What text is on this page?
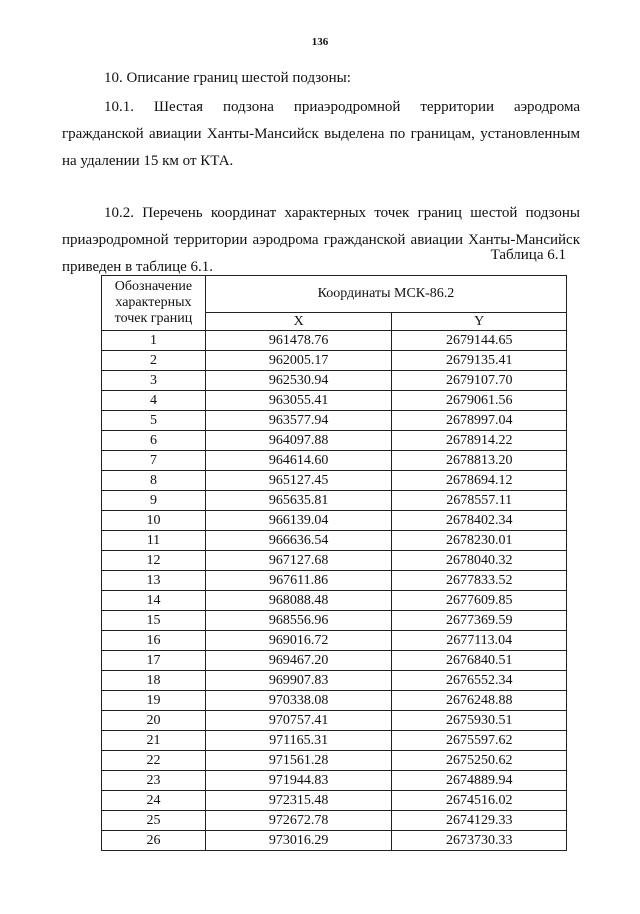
136
10. Описание границ шестой подзоны:

10.1. Шестая подзона приаэродромной территории аэродрома гражданской авиации Ханты-Мансийск выделена по границам, установленным на удалении 15 км от КТА.

10.2. Перечень координат характерных точек границ шестой подзоны приаэродромной территории аэродрома гражданской авиации Ханты-Мансийск приведен в таблице 6.1.

Таблица 6.1
Обозначение характерных точек границ	Координаты МСК-86.2	
	X	Y
1	961478.76	2679144.65
2	962005.17	2679135.41
3	962530.94	2679107.70
4	963055.41	2679061.56
5	963577.94	2678997.04
6	964097.88	2678914.22
7	964614.60	2678813.20
8	965127.45	2678694.12
9	965635.81	2678557.11
10	966139.04	2678402.34
11	966636.54	2678230.01
12	967127.68	2678040.32
13	967611.86	2677833.52
14	968088.48	2677609.85
15	968556.96	2677369.59
16	969016.72	2677113.04
17	969467.20	2676840.51
18	969907.83	2676552.34
19	970338.08	2676248.88
20	970757.41	2675930.51
21	971165.31	2675597.62
22	971561.28	2675250.62
23	971944.83	2674889.94
24	972315.48	2674516.02
25	972672.78	2674129.33
26	973016.29	2673730.33
